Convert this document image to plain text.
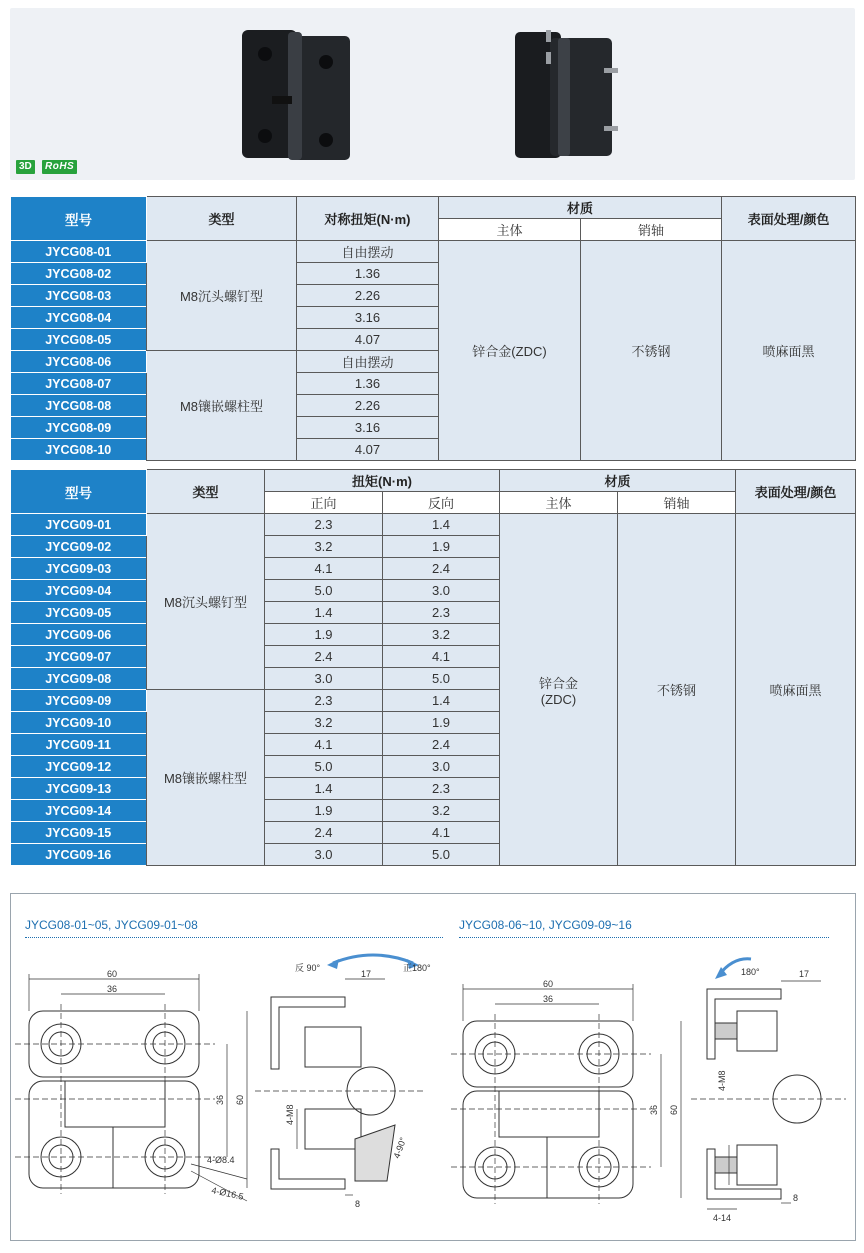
3D	RoHS
型号	类型	对称扭矩(N·m)	材质		表面处理/颜色
			主体	销轴	
JYCG08-01	M8沉头螺钉型	自由摆动	锌合金(ZDC)	不锈钢	喷麻面黑
JYCG08-02		1.36			
JYCG08-03		2.26			
JYCG08-04		3.16			
JYCG08-05		4.07			
JYCG08-06	M8镶嵌螺柱型	自由摆动			
JYCG08-07		1.36			
JYCG08-08		2.26			
JYCG08-09		3.16			
JYCG08-10		4.07			
型号	类型	扭矩(N·m)		材质		表面处理/颜色
		正向	反向	主体	销轴	
JYCG09-01	M8沉头螺钉型	2.3	1.4	锌合金
(ZDC)	不锈钢	喷麻面黑
JYCG09-02		3.2	1.9			
JYCG09-03		4.1	2.4			
JYCG09-04		5.0	3.0			
JYCG09-05		1.4	2.3			
JYCG09-06		1.9	3.2			
JYCG09-07		2.4	4.1			
JYCG09-08		3.0	5.0			
JYCG09-09	M8镶嵌螺柱型	2.3	1.4			
JYCG09-10		3.2	1.9			
JYCG09-11		4.1	2.4			
JYCG09-12		5.0	3.0			
JYCG09-13		1.4	2.3			
JYCG09-14		1.9	3.2			
JYCG09-15		2.4	4.1			
JYCG09-16		3.0	5.0			
JYCG08-01~05, JYCG09-01~08	JYCG08-06~10, JYCG09-09~16
60
36
36 60
4-Ø8.4
4-Ø16.5
反 90°	正180°
17
4-M8
4-90°
8
60
36
36 60
180°	17
4-M8
4-14
8
